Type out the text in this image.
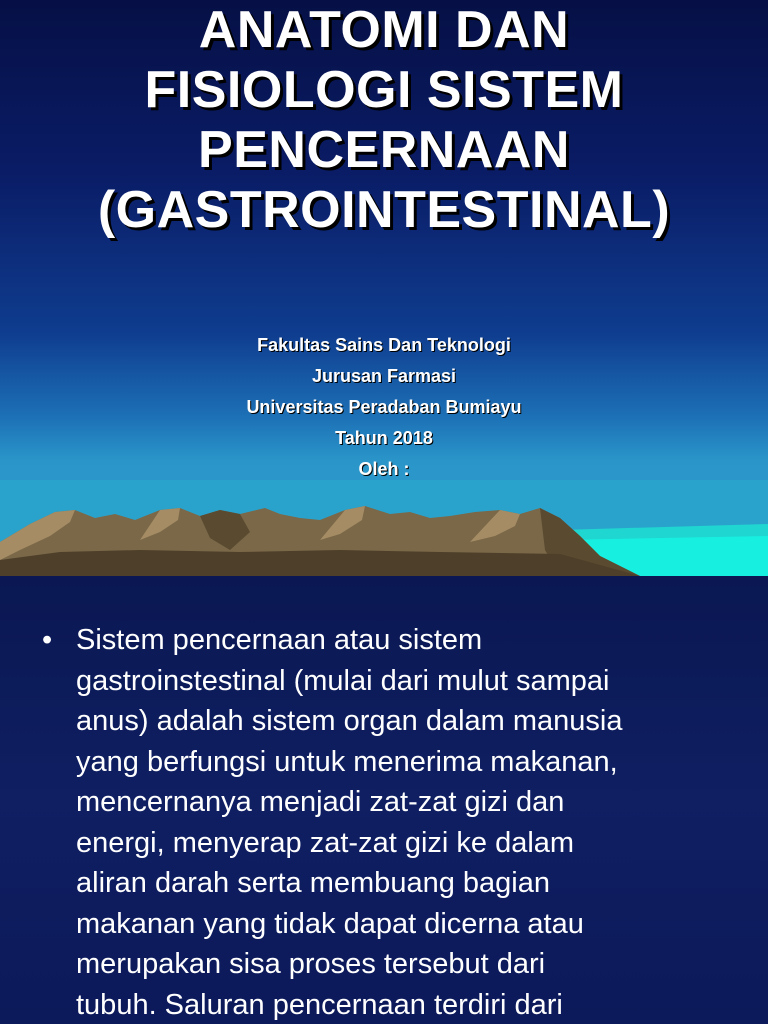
ANATOMI DAN
FISIOLOGI SISTEM
PENCERNAAN
(GASTROINTESTINAL)
Fakultas Sains Dan Teknologi
Jurusan Farmasi
Universitas Peradaban Bumiayu
Tahun 2018
Oleh :
• Sistem pencernaan atau sistem
gastroinstestinal (mulai dari mulut sampai
anus) adalah sistem organ dalam manusia
yang berfungsi untuk menerima makanan,
mencernanya menjadi zat-zat gizi dan
energi, menyerap zat-zat gizi ke dalam
aliran darah serta membuang bagian
makanan yang tidak dapat dicerna atau
merupakan sisa proses tersebut dari
tubuh. Saluran pencernaan terdiri dari
